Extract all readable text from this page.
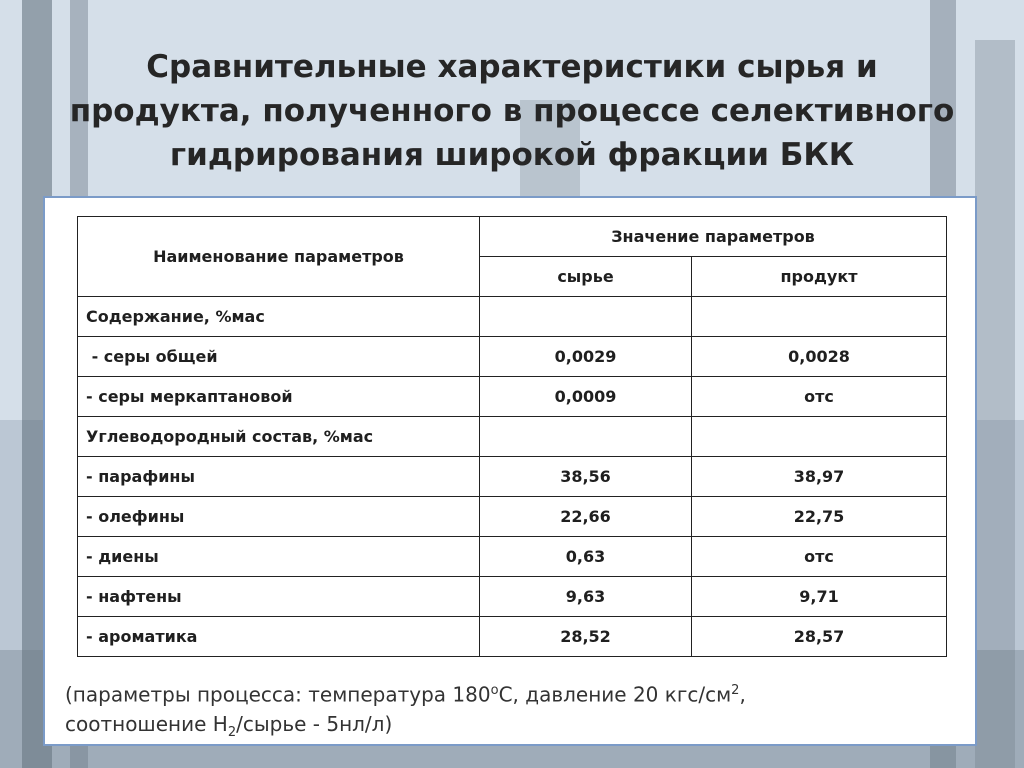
Сравнительные характеристики сырья и продукта, полученного в процессе селективного гидрирования широкой фракции БКК
Наименование параметров	Значение параметров	
	сырье	продукт
Содержание, %мас		
- серы общей	0,0029	0,0028
- серы меркаптановой	0,0009	отс
Углеводородный состав, %мас		
- парафины	38,56	38,97
- олефины	22,66	22,75
- диены	0,63	отс
- нафтены	9,63	9,71
- ароматика	28,52	28,57
(параметры процесса: температура 180$^o$С, давление 20 кгс/$см^2$,
соотношение $H_2$/сырье - 5нл/л)
